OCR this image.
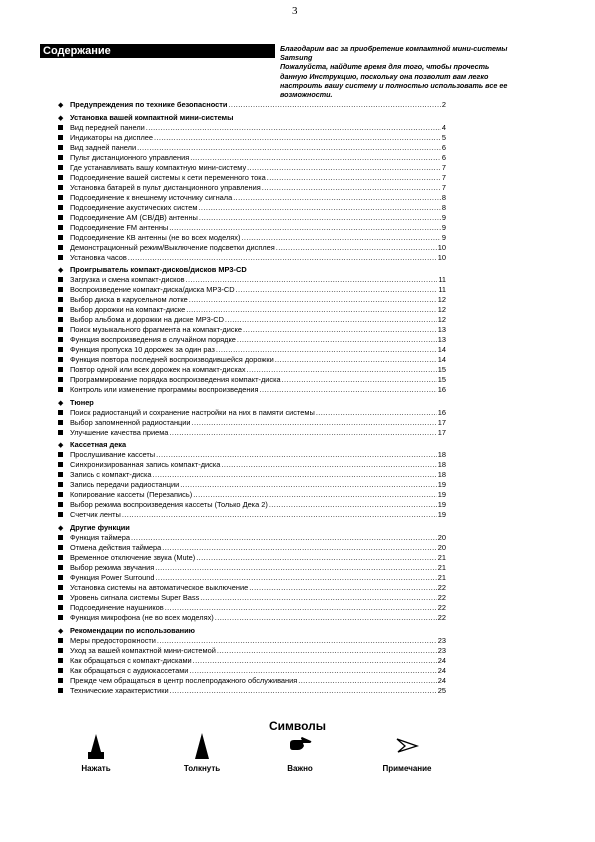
3
Содержание	Благодарим вас за приобретение компактной мини-системы
Samsung
Пожалуйста, найдите время для того, чтобы прочесть
данную Инструкцию, поскольку она позволит вам легко
настроить вашу систему и полностью использовать все ее
возможности.
◆ Предупреждения по технике безопасности .....	2
◆ Установка вашей компактной мини-системы
Вид передней панели .....	4
Индикаторы на дисплее .....	5
Вид задней панели .....	6
Пульт дистанционного управления .....	6
Где устанавливать вашу компактную мини-систему .....	7
Подсоединение вашей системы к сети переменного тока .....	7
Установка батарей в пульт дистанционного управления .....	7
Подсоединение к внешнему источнику сигнала .....	8
Подсоединение акустических систем .....	8
Подсоединение АМ (СВ/ДВ) антенны .....	9
Подсоединение FM антенны .....	9
Подсоединение КВ антенны (не во всех моделях) .....	9
Демонстрационный режим/Выключение подсветки дисплея .....	10
Установка часов .....	10
◆ Проигрыватель компакт-дисков/дисков МР3-CD
Загрузка и смена компакт-дисков .....	11
Воспроизведение компакт-диска/диска МР3-CD .....	11
Выбор диска в карусельном лотке .....	12
Выбор дорожки на компакт-диске .....	12
Выбор альбома и дорожки на диске МР3-CD .....	12
Поиск музыкального фрагмента на компакт-диске .....	13
Функция воспроизведения в случайном порядке .....	13
Функция пропуска 10 дорожек за один раз .....	14
Функция повтора последней воспроизводившейся дорожки .....	14
Повтор одной или всех дорожек на компакт-дисках .....	15
Программирование порядка воспроизведения компакт-диска .....	15
Контроль или изменение программы воспроизведения .....	16
◆ Тюнер
Поиск радиостанций и сохранение настройки на них в памяти системы .....	16
Выбор запомненной радиостанции .....	17
Улучшение качества приема .....	17
◆ Кассетная дека
Прослушивание кассеты .....	18
Синхронизированная запись компакт-диска .....	18
Запись с компакт-диска .....	18
Запись передачи радиостанции .....	19
Копирование кассеты (Перезапись) .....	19
Выбор режима воспроизведения кассеты (Только Дека 2) .....	19
Счетчик ленты .....	19
◆ Другие функции
Функция таймера .....	20
Отмена действия таймера .....	20
Временное отключение звука (Mute) .....	21
Выбор режима звучания .....	21
Функция Power Surround .....	21
Установка системы на автоматическое выключение .....	22
Уровень сигнала системы Super Bass .....	22
Подсоединение наушников .....	22
Функция микрофона (не во всех моделях) .....	22
◆ Рекомендации по использованию
Меры предосторожности .....	23
Уход за вашей компактной мини-системой .....	23
Как обращаться с компакт-дисками .....	24
Как обращаться с аудиокассетами .....	24
Прежде чем обращаться в центр послепродажного обслуживания .....	24
Технические характеристики .....	25
Символы
Нажать	Толкнуть	Важно	Примечание
